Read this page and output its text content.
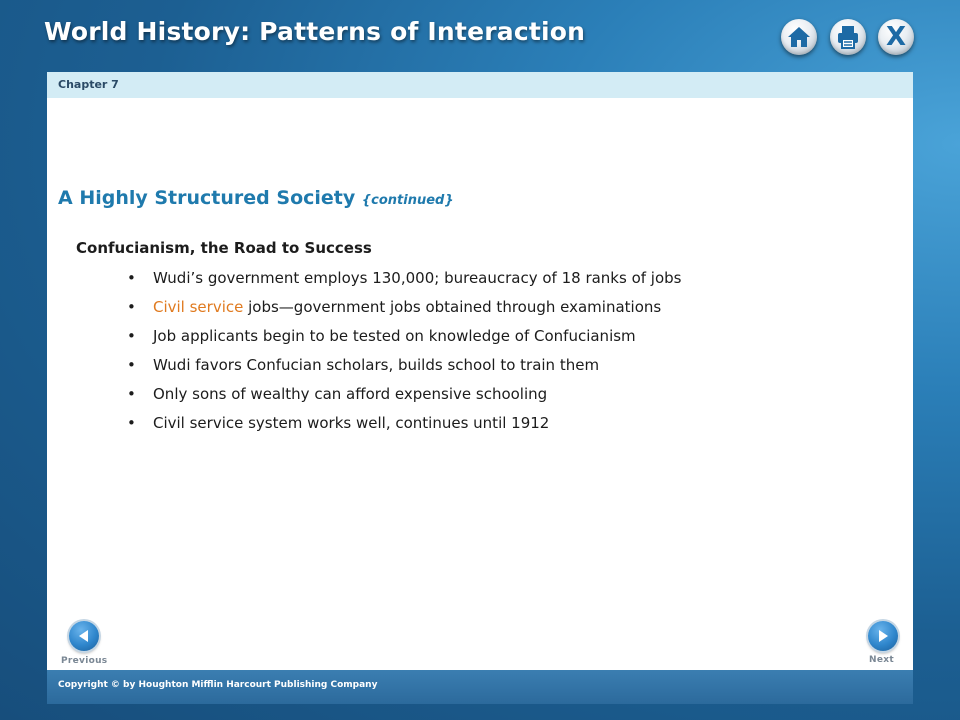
World History: Patterns of Interaction	X
Chapter 7
A Highly Structured Society {continued}
Confucianism, the Road to Success
• Wudi’s government employs 130,000; bureaucracy of 18 ranks of jobs
• Civil service jobs—government jobs obtained through examinations
• Job applicants begin to be tested on knowledge of Confucianism
• Wudi favors Confucian scholars, builds school to train them
• Only sons of wealthy can afford expensive schooling
• Civil service system works well, continues until 1912
Previous	Next
Copyright © by Houghton Mifflin Harcourt Publishing Company
